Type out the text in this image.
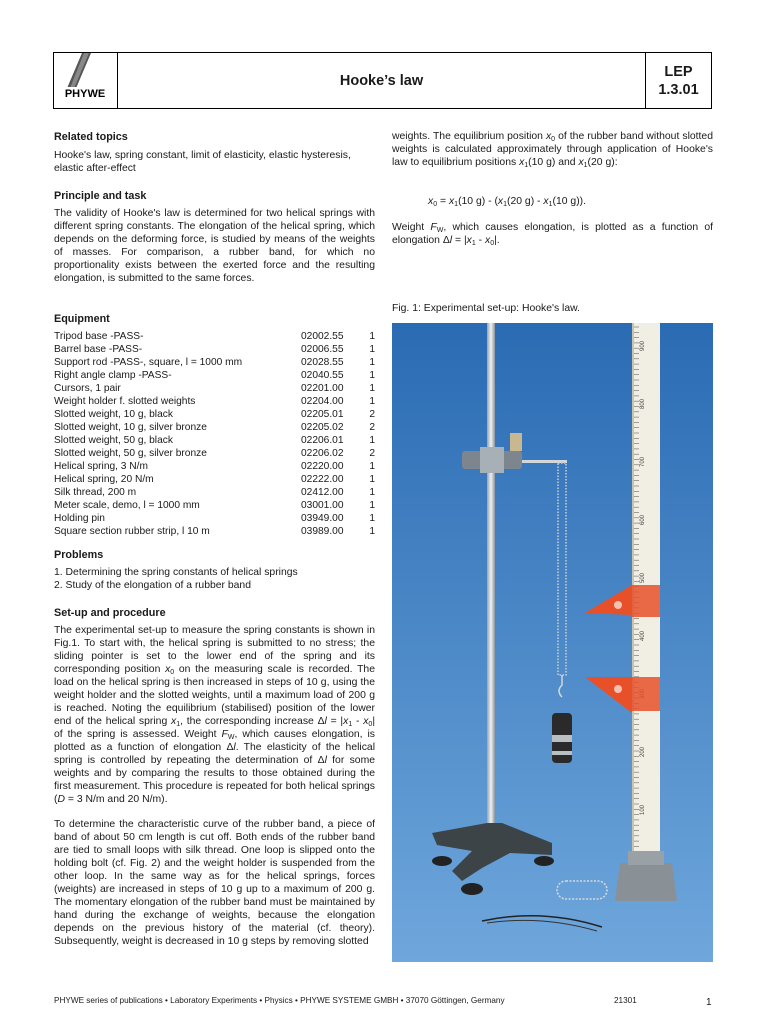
PHYWE
Hooke’s law
LEP
1.3.01
Related topics

Hooke's law, spring constant, limit of elasticity, elastic hysteresis, elastic after-effect

Principle and task

The validity of Hooke's law is determined for two helical springs with different spring constants. The elongation of the helical spring, which depends on the deforming force, is studied by means of the weights of masses. For comparison, a rubber band, for which no proportionality exists between the exerted force and the resulting elongation, is submitted to the same forces.

Equipment
Tripod base -PASS-	02002.55	1
Barrel base -PASS-	02006.55	1
Support rod -PASS-, square, l = 1000 mm	02028.55	1
Right angle clamp -PASS-	02040.55	1
Cursors, 1 pair	02201.00	1
Weight holder f. slotted weights	02204.00	1
Slotted weight, 10 g, black	02205.01	2
Slotted weight, 10 g, silver bronze	02205.02	2
Slotted weight, 50 g, black	02206.01	1
Slotted weight, 50 g, silver bronze	02206.02	2
Helical spring, 3 N/m	02220.00	1
Helical spring, 20 N/m	02222.00	1
Silk thread, 200 m	02412.00	1
Meter scale, demo, l = 1000 mm	03001.00	1
Holding pin	03949.00	1
Square section rubber strip, l 10 m	03989.00	1
Problems
1. Determining the spring constants of helical springs
2. Study of the elongation of a rubber band
Set-up and procedure

The experimental set-up to measure the spring constants is shown in Fig.1. To start with, the helical spring is submitted to no stress; the sliding pointer is set to the lower end of the spring and its corresponding position $x_0$ on the measuring scale is recorded. The load on the helical spring is then increased in steps of 10 g, using the weight holder and the slotted weights, until a maximum load of 200 g is reached. Noting the equilibrium (stabilised) position of the lower end of the helical spring $x_1$, the corresponding increase $\Delta l = |x_1 - x_0|$ of the spring is assessed. Weight $F_W$, which causes elongation, is plotted as a function of elongation Δl. The elasticity of the helical spring is controlled by repeating the determination of Δl for some weights and by comparing the results to those obtained during the first measurement. This procedure is repeated for both helical springs (D = 3 N/m and 20 N/m).

To determine the characteristic curve of the rubber band, a piece of band of about 50 cm length is cut off. Both ends of the rubber band are tied to small loops with silk thread. One loop is slipped onto the holding bolt (cf. Fig. 2) and the weight holder is suspended from the other loop. In the same way as for the helical springs, forces (weights) are increased in steps of 10 g up to a maximum of 200 g. The momentary elongation of the rubber band must be maintained by hand during the exchange of weights, because the elongation depends on the previous history of the material (cf. theory). Subsequently, weight is decreased in 10 g steps by removing slotted

weights. The equilibrium position $x_0$ of the rubber band without slotted weights is calculated approximately through application of Hooke's law to equilibrium positions $x_1(10$ g) and $x_1(20$ g):

$x_0 = x_1(10$ $g) - (x_1(20$ $g) - x_1(10$ g)).

Weight $F_W$, which causes elongation, is plotted as a function of elongation $\Delta l = |x_1 - x_0|$.

Fig. 1: Experimental set-up: Hooke's law.
900
800
700
600
500
400
200
100
PHYWE series of publications • Laboratory Experiments • Physics • PHYWE SYSTEME GMBH • 37070 Göttingen, Germany	21301	1
